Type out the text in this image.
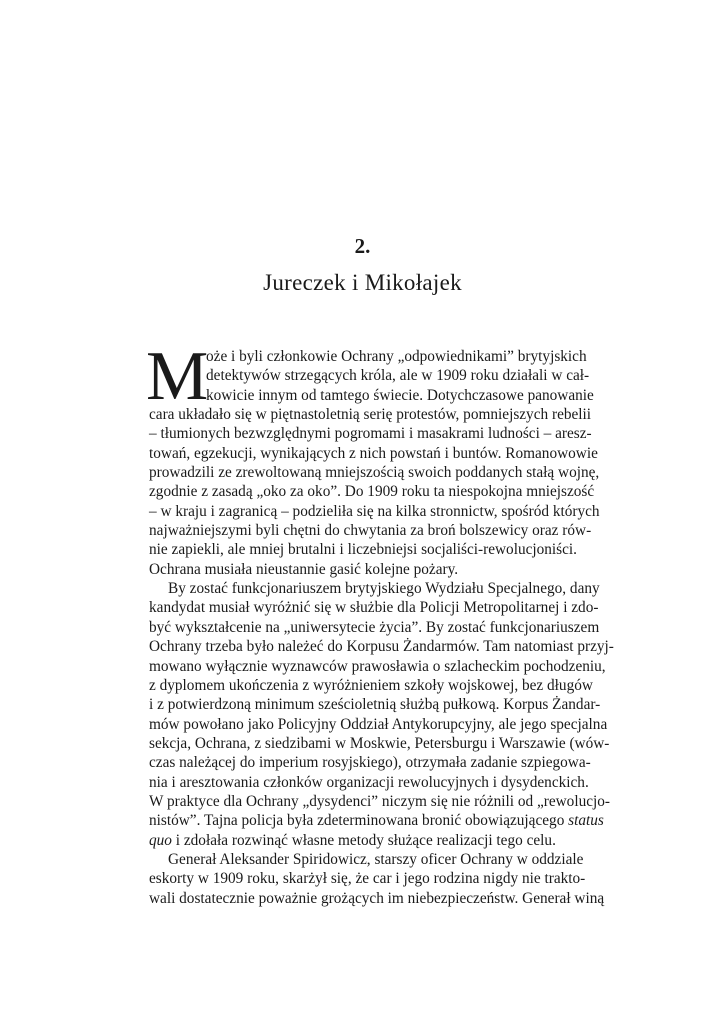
2.
Jureczek i Mikołajek
M
oże i byli członkowie Ochrany „odpowiednikami” brytyjskich
detektywów strzegących króla, ale w 1909 roku działali w cał-
kowicie innym od tamtego świecie. Dotychczasowe panowanie
cara układało się w piętnastoletnią serię protestów, pomniejszych rebelii
– tłumionych bezwzględnymi pogromami i masakrami ludności – aresz-
towań, egzekucji, wynikających z nich powstań i buntów. Romanowowie
prowadzili ze zrewoltowaną mniejszością swoich poddanych stałą wojnę,
zgodnie z zasadą „oko za oko”. Do 1909 roku ta niespokojna mniejszość
– w kraju i zagranicą – podzieliła się na kilka stronnictw, spośród których
najważniejszymi byli chętni do chwytania za broń bolszewicy oraz rów-
nie zapiekli, ale mniej brutalni i liczebniejsi socjaliści-rewolucjoniści.
Ochrana musiała nieustannie gasić kolejne pożary.
By zostać funkcjonariuszem brytyjskiego Wydziału Specjalnego, dany
kandydat musiał wyróżnić się w służbie dla Policji Metropolitarnej i zdo-
być wykształcenie na „uniwersytecie życia”. By zostać funkcjonariuszem
Ochrany trzeba było należeć do Korpusu Żandarmów. Tam natomiast przyj-
mowano wyłącznie wyznawców prawosławia o szlacheckim pochodzeniu,
z dyplomem ukończenia z wyróżnieniem szkoły wojskowej, bez długów
i z potwierdzoną minimum sześcioletnią służbą pułkową. Korpus Żandar-
mów powołano jako Policyjny Oddział Antykorupcyjny, ale jego specjalna
sekcja, Ochrana, z siedzibami w Moskwie, Petersburgu i Warszawie (wów-
czas należącej do imperium rosyjskiego), otrzymała zadanie szpiegowa-
nia i aresztowania członków organizacji rewolucyjnych i dysydenckich.
W praktyce dla Ochrany „dysydenci” niczym się nie różnili od „rewolucjo-
nistów”. Tajna policja była zdeterminowana bronić obowiązującego status
quo i zdołała rozwinąć własne metody służące realizacji tego celu.
Generał Aleksander Spiridowicz, starszy oficer Ochrany w oddziale
eskorty w 1909 roku, skarżył się, że car i jego rodzina nigdy nie trakto-
wali dostatecznie poważnie grożących im niebezpieczeństw. Generał winą
